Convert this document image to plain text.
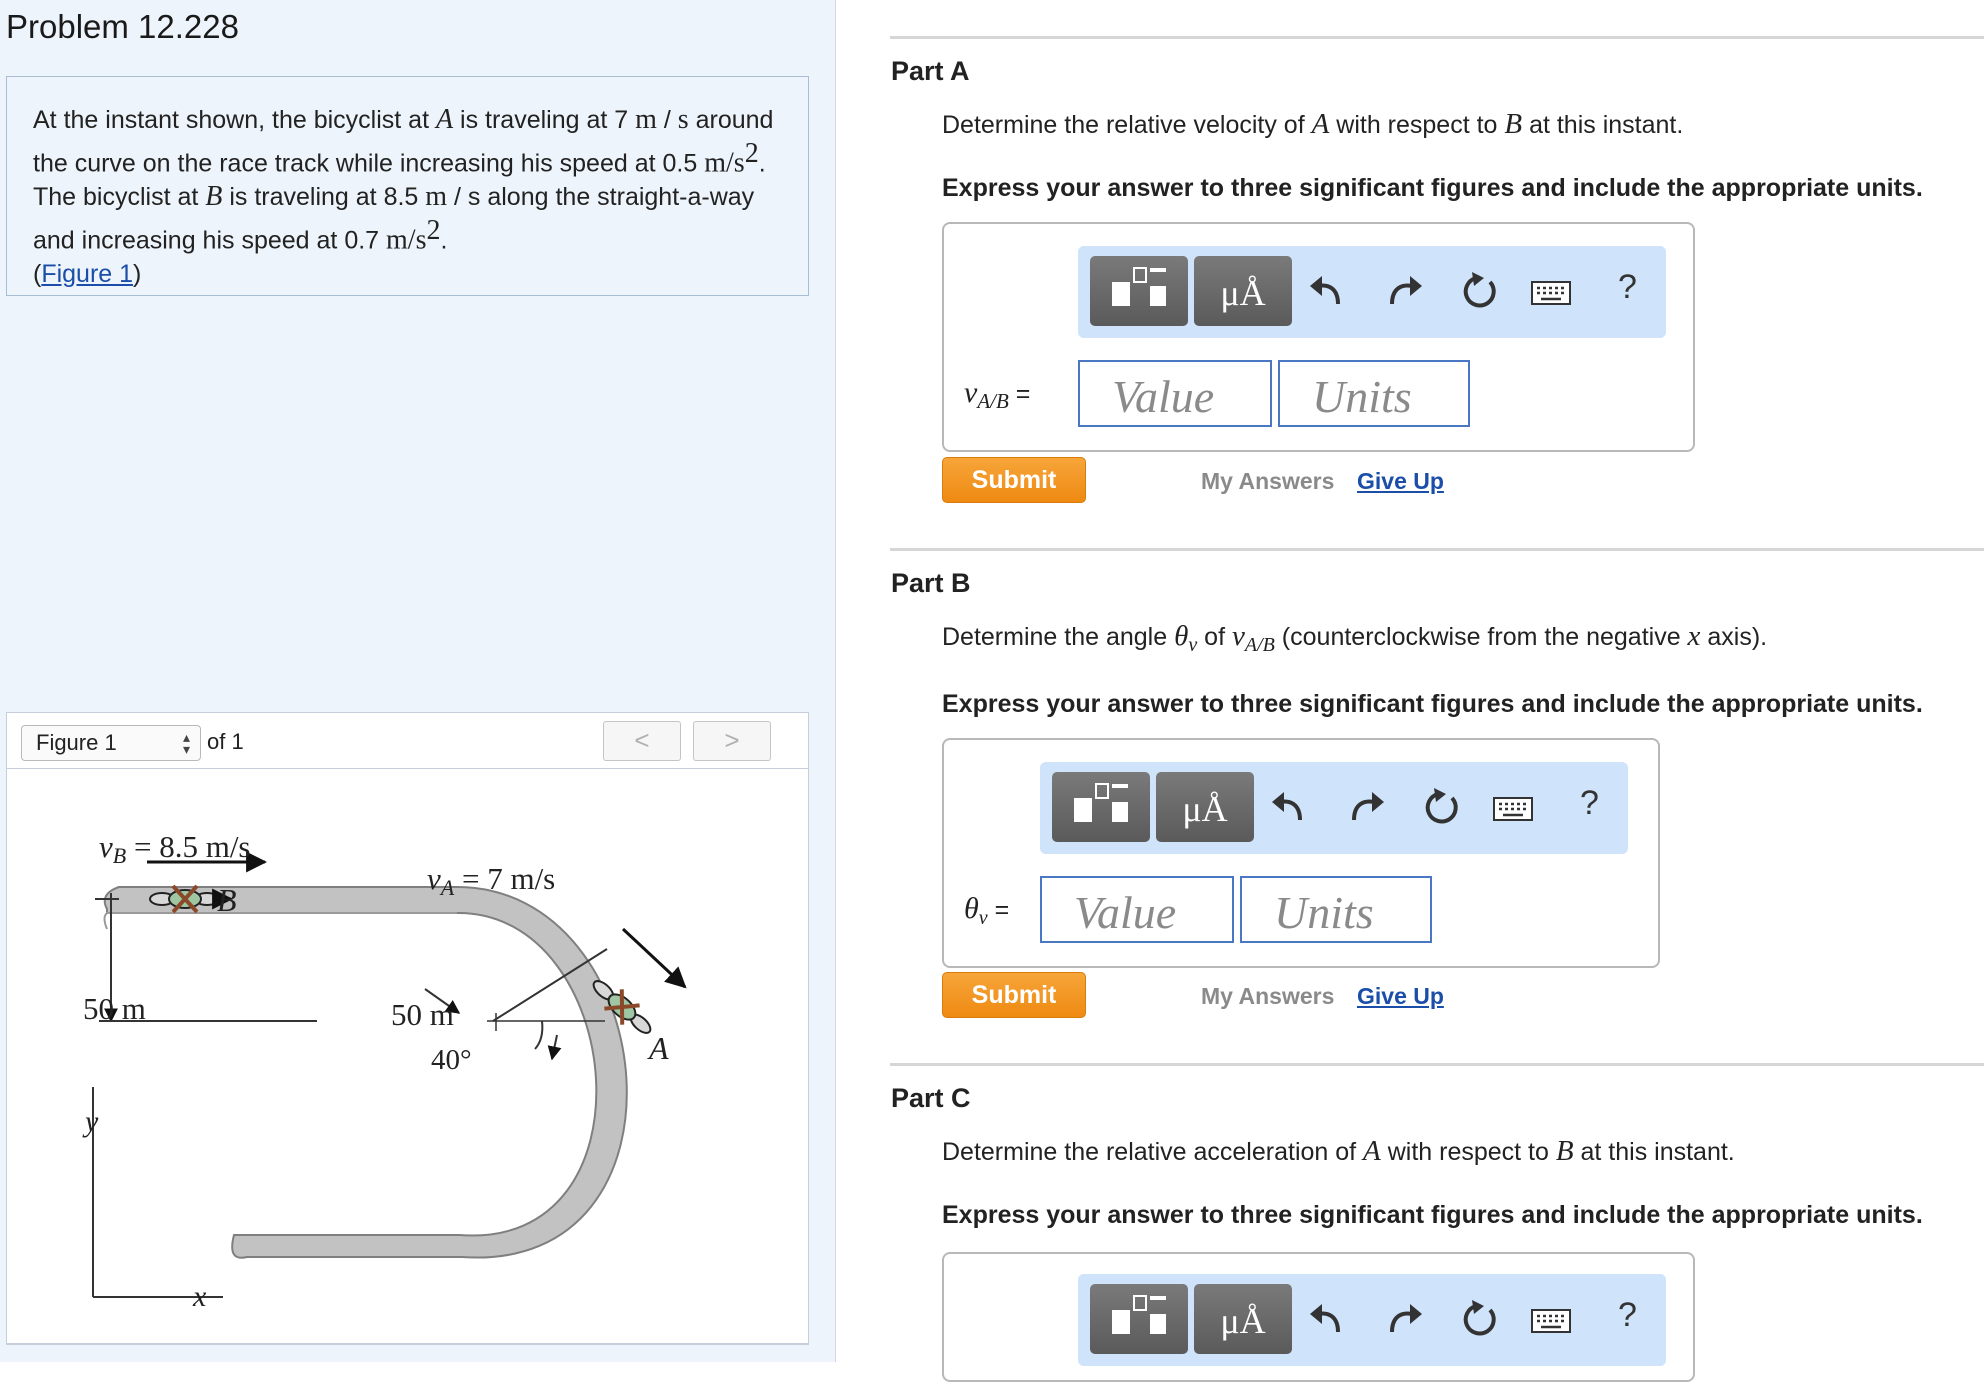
Problem 12.228
At the instant shown, the bicyclist at A is traveling at 7 m / s around the curve on the race track while increasing his speed at 0.5 $m/s^2$. The bicyclist at B is traveling at 8.5 m / s along the straight-a-way and increasing his speed at 0.7 $m/s^2$.
(Figure 1)
Figure 1	▴
▾ of 1	<	>
vB = 8.5 m/s
vA = 7 m/s
B
A
50 m	50 m
40°
y
x
Part A
Determine the relative velocity of A with respect to B at this instant.
Express your answer to three significant figures and include the appropriate units.
μÅ	?
$v_{A/B}$ =
Value
Units
Submit	My Answers Give Up
Part B
Determine the angle $\theta_v$ of $v_{A/B}$ (counterclockwise from the negative x axis).
Express your answer to three significant figures and include the appropriate units.
μÅ	?
$\theta_v$ =
Value
Units
Submit	My Answers Give Up
Part C
Determine the relative acceleration of A with respect to B at this instant.
Express your answer to three significant figures and include the appropriate units.
μÅ	?
